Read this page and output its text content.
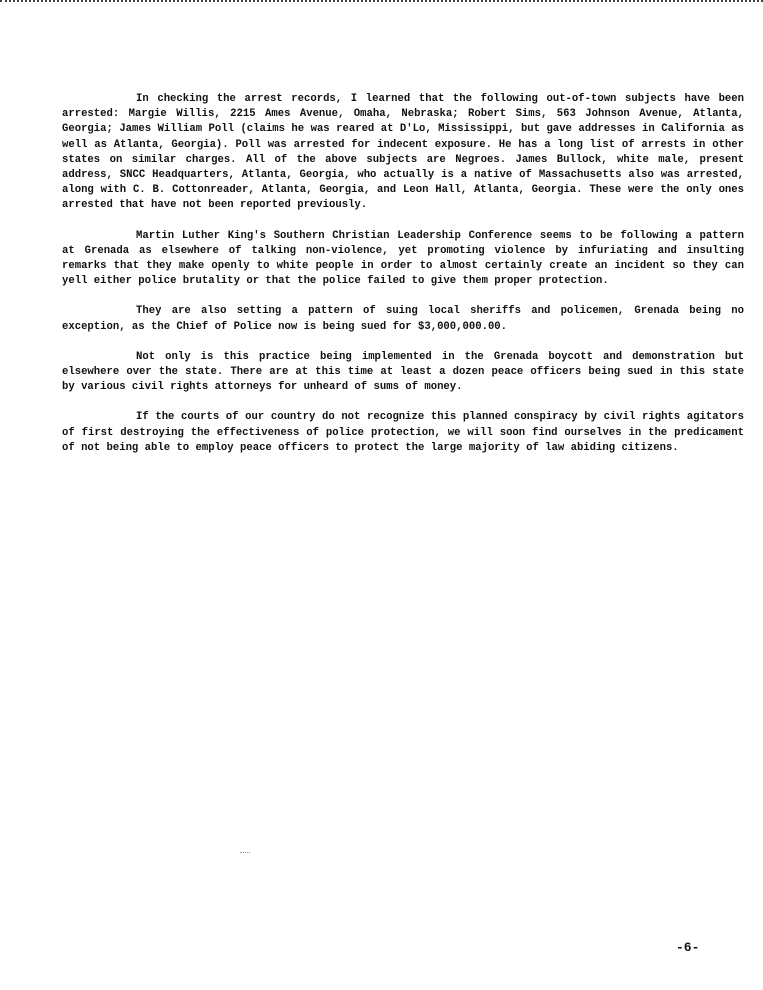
In checking the arrest records, I learned that the following out-of-town subjects have been arrested: Margie Willis, 2215 Ames Avenue, Omaha, Nebraska; Robert Sims, 563 Johnson Avenue, Atlanta, Georgia; James William Poll (claims he was reared at D'Lo, Mississippi, but gave addresses in California as well as Atlanta, Georgia). Poll was arrested for indecent exposure. He has a long list of arrests in other states on similar charges. All of the above subjects are Negroes. James Bullock, white male, present address, SNCC Headquarters, Atlanta, Georgia, who actually is a native of Massachusetts also was arrested, along with C. B. Cottonreader, Atlanta, Georgia, and Leon Hall, Atlanta, Georgia. These were the only ones arrested that have not been reported previously.

Martin Luther King's Southern Christian Leadership Conference seems to be following a pattern at Grenada as elsewhere of talking non-violence, yet promoting violence by infuriating and insulting remarks that they make openly to white people in order to almost certainly create an incident so they can yell either police brutality or that the police failed to give them proper protection.

They are also setting a pattern of suing local sheriffs and policemen, Grenada being no exception, as the Chief of Police now is being sued for $3,000,000.00.

Not only is this practice being implemented in the Grenada boycott and demonstration but elsewhere over the state. There are at this time at least a dozen peace officers being sued in this state by various civil rights attorneys for unheard of sums of money.

If the courts of our country do not recognize this planned conspiracy by civil rights agitators of first destroying the effectiveness of police protection, we will soon find ourselves in the predicament of not being able to employ peace officers to protect the large majority of law abiding citizens.

-6-
